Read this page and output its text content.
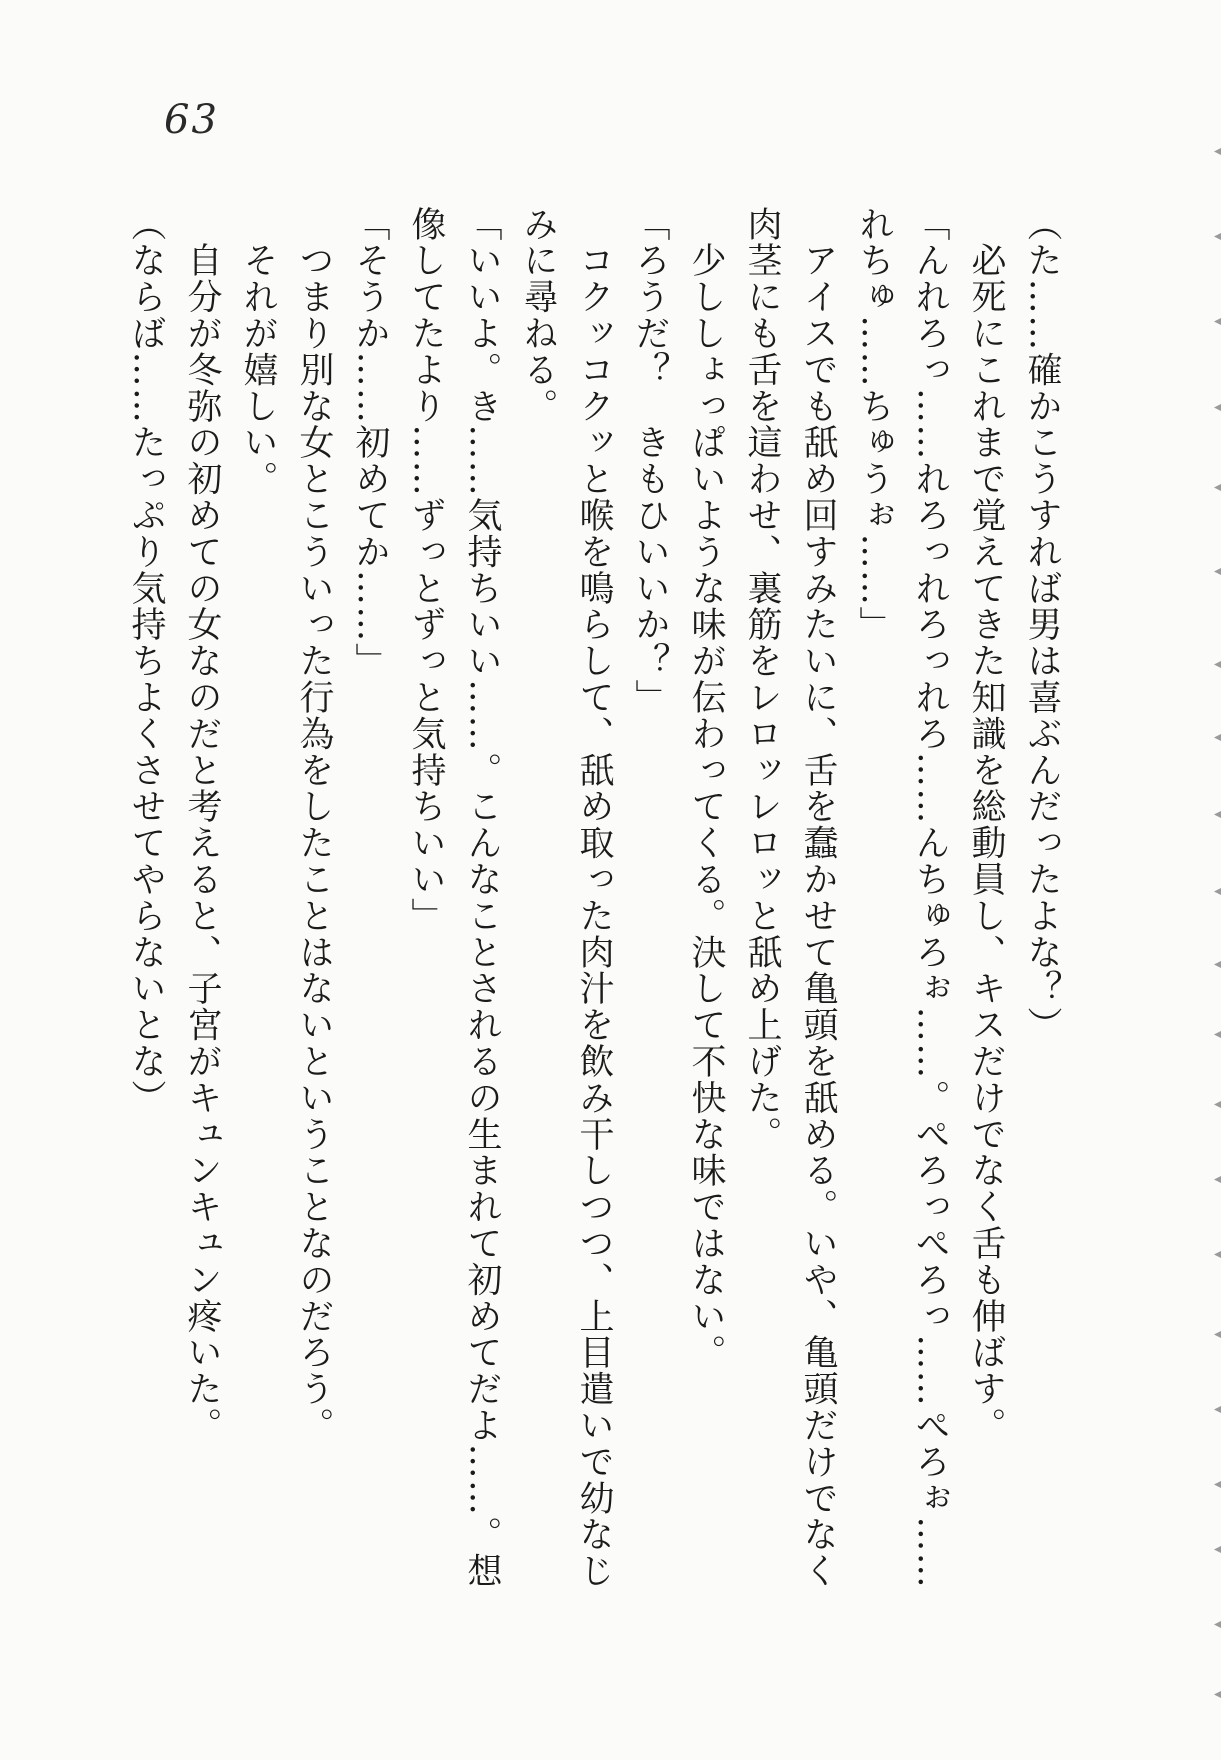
63

（た……確かこうすれば男は喜ぶんだったよな？）

　必死にこれまで覚えてきた知識を総動員し、キスだけでなく舌も伸ばす。

「んれろっ……れろっれろっれろ……んちゅろぉ……。ぺろっぺろっ……ぺろぉ……

れちゅ……ちゅうぉ……」

　アイスでも舐め回すみたいに、舌を蠢かせて亀頭を舐める。いや、亀頭だけでなく

肉茎にも舌を這わせ、裏筋をレロッレロッと舐め上げた。

　少ししょっぱいような味が伝わってくる。決して不快な味ではない。

「ろうだ？　きもひいいか？」

　コクッコクッと喉を鳴らして、舐め取った肉汁を飲み干しつつ、上目遣いで幼なじ

みに尋ねる。

「いいよ。き……気持ちいい……。こんなことされるの生まれて初めてだよ……。想

像してたより……ずっとずっと気持ちいい」

「そうか……初めてか……」

　つまり別な女とこういった行為をしたことはないということなのだろう。

　それが嬉しい。

　自分が冬弥の初めての女なのだと考えると、子宮がキュンキュン疼いた。

（ならば……たっぷり気持ちよくさせてやらないとな）
